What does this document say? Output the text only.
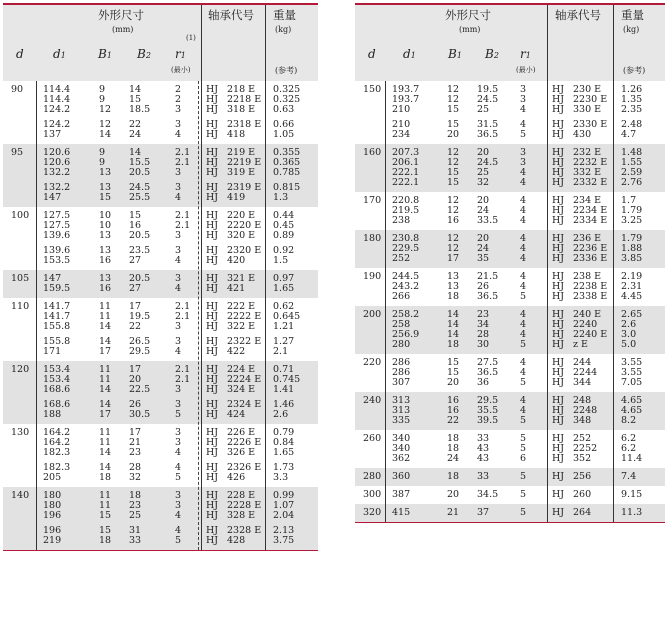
外形尺寸
(mm)
轴承代号 重量
(kg)
(参考)
d d1	B1 B2
(1)
r1
(最小)
90 114.4	9	14	2	HJ 218 E 0.325
114.4	9	15	2	HJ 2218 E 0.325
124.2	12 18.5	3	HJ 318 E 0.63
124.2	12 22	3	HJ 2318 E 0.66
137	14 24	4	HJ 418	1.05
95 120.6	9	14	2.1 HJ 219 E 0.355
120.6	9	15.5	2.1 HJ 2219 E 0.365
132.2	13 20.5	3	HJ 319 E 0.785
132.2	13 24.5	3	HJ 2319 E 0.815
147	15 25.5	4	HJ 419	1.3
100 127.5	10 15	2.1 HJ 220 E 0.44
127.5	10 16	2.1 HJ 2220 E 0.45
139.6	13 20.5	3	HJ 320 E 0.89
139.6	13 23.5	3	HJ 2320 E 0.92
153.5	16 27	4	HJ 420	1.5
105 147	13 20.5	3	HJ 321 E 0.97
159.5	16 27	4	HJ 421	1.65
110 141.7	11 17	2.1 HJ 222 E 0.62
141.7	11 19.5	2.1 HJ 2222 E 0.645
155.8	14 22	3	HJ 322 E 1.21
155.8	14 26.5	3	HJ 2322 E 1.27
171	17 29.5	4	HJ 422	2.1
120 153.4	11 17	2.1 HJ 224 E 0.71
153.4	11 20	2.1 HJ 2224 E 0.745
168.6	14 22.5	3	HJ 324 E 1.41
168.6	14 26	3	HJ 2324 E 1.46
188	17 30.5	5	HJ 424	2.6
130 164.2	11 17	3	HJ 226 E 0.79
164.2	11 21	3	HJ 2226 E 0.84
182.3	14 23	4	HJ 326 E 1.65
182.3	14 28	4	HJ 2326 E 1.73
205	18 32	5	HJ 426	3.3
140 180	11 18	3	HJ 228 E 0.99
180	11 23	3	HJ 2228 E 1.07
196	15 25	4	HJ 328 E 2.04
196	15 31	4	HJ 2328 E 2.13
219	18 33	5	HJ 428	3.75
外形尺寸
(mm)
轴承代号 重量
(kg)
(参考)
d d1	B1 B2 r1
(最小)
150 193.7	12 19.5 3	HJ 230 E 1.26
193.7	12 24.5 3	HJ 2230 E 1.35
210	15 25	4	HJ 330 E 2.35
210	15 31.5 4	HJ 2330 E 2.48
234	20 36.5 5	HJ 430	4.7
160 207.3	12 20	3	HJ 232 E 1.48
206.1	12 24.5 3	HJ 2232 E 1.55
222.1	15 25	4	HJ 332 E 2.59
222.1	15 32	4	HJ 2332 E 2.76
170 220.8	12 20	4	HJ 234 E 1.7
219.5	12 24	4	HJ 2234 E 1.79
238	16 33.5 4	HJ 2334 E 3.25
180 230.8	12 20	4	HJ 236 E 1.79
229.5	12 24	4	HJ 2236 E 1.88
252	17 35	4	HJ 2336 E 3.85
190 244.5	13 21.5 4	HJ 238 E 2.19
243.2	13 26	4	HJ 2238 E 2.31
266	18 36.5 5	HJ 2338 E 4.45
200 258.2	14 23	4	HJ 240 E 2.65
258	14 34	4	HJ 2240	2.6
256.9	14 28	4	HJ 2240 E 3.0
280	18 30	5	HJ z E	5.0
220 286	15 27.5 4	HJ 244	3.55
286	15 36.5 4	HJ 2244	3.55
307	20 36	5	HJ 344	7.05
240 313	16 29.5 4	HJ 248	4.65
313	16 35.5 4	HJ 2248	4.65
335	22 39.5 5	HJ 348	8.2
260 340	18 33	5	HJ 252	6.2
340	18 43	5	HJ 2252	6.2
362	24 43	6	HJ 352	11.4
280 360	18 33	5	HJ 256	7.4
300 387	20 34.5 5	HJ 260	9.15
320 415	21 37	5	HJ 264	11.3
